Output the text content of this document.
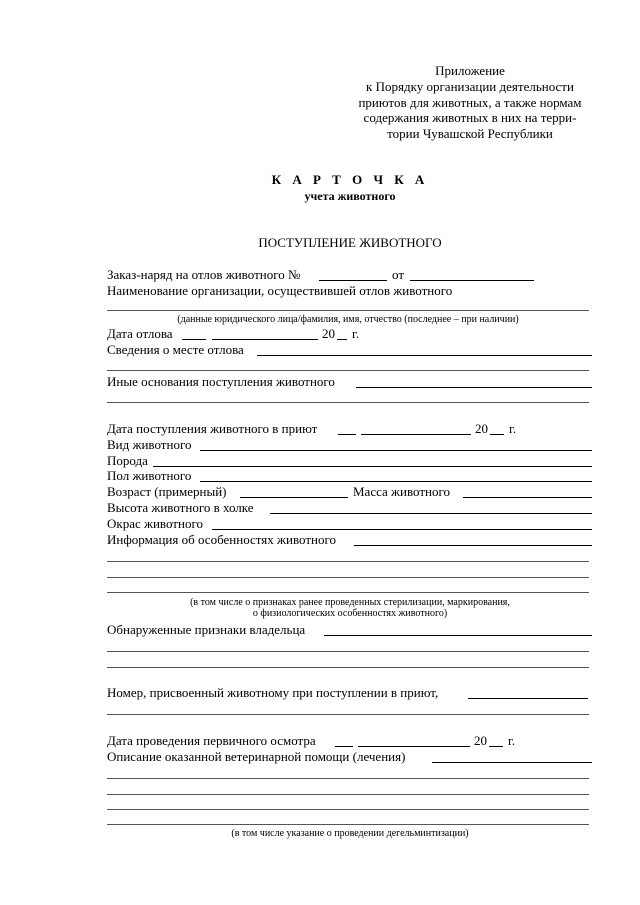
Приложение
к Порядку организации деятельности
приютов для животных, а также нормам
содержания животных в них на терри-
тории Чувашской Республики
К А Р Т О Ч К А
учета животного
ПОСТУПЛЕНИЕ ЖИВОТНОГО
Заказ-наряд на отлов животного №	от
Наименование организации, осуществившей отлов животного
(данные юридического лица/фамилия, имя, отчество (последнее – при наличии)
Дата отлова	20 г.
Сведения о месте отлова
Иные основания поступления животного
Дата поступления животного в приют	20 г.
Вид животного
Порода
Пол животного
Возраст (примерный)	Масса животного
Высота животного в холке
Окрас животного
Информация об особенностях животного
(в том числе о признаках ранее проведенных стерилизации, маркирования,
о физиологических особенностях животного)
Обнаруженные признаки владельца
Номер, присвоенный животному при поступлении в приют,
Дата проведения первичного осмотра	20 г.
Описание оказанной ветеринарной помощи (лечения)
(в том числе указание о проведении дегельминтизации)
